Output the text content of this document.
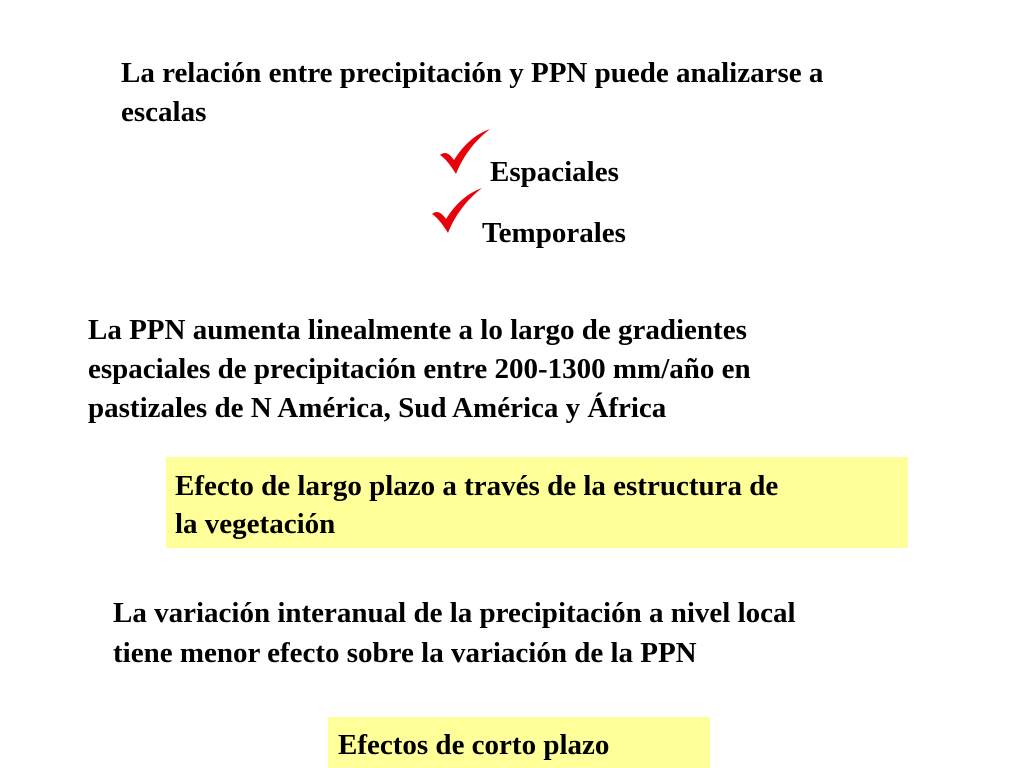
La relación entre precipitación y PPN puede analizarse a
escalas
Espaciales
Temporales
La PPN aumenta linealmente a lo largo de gradientes
espaciales de precipitación entre 200-1300 mm/año en
pastizales de N América, Sud América y África
Efecto de largo plazo a través de la estructura de
la vegetación
La variación interanual de la precipitación a nivel local
tiene menor efecto sobre la variación de la PPN
Efectos de corto plazo
